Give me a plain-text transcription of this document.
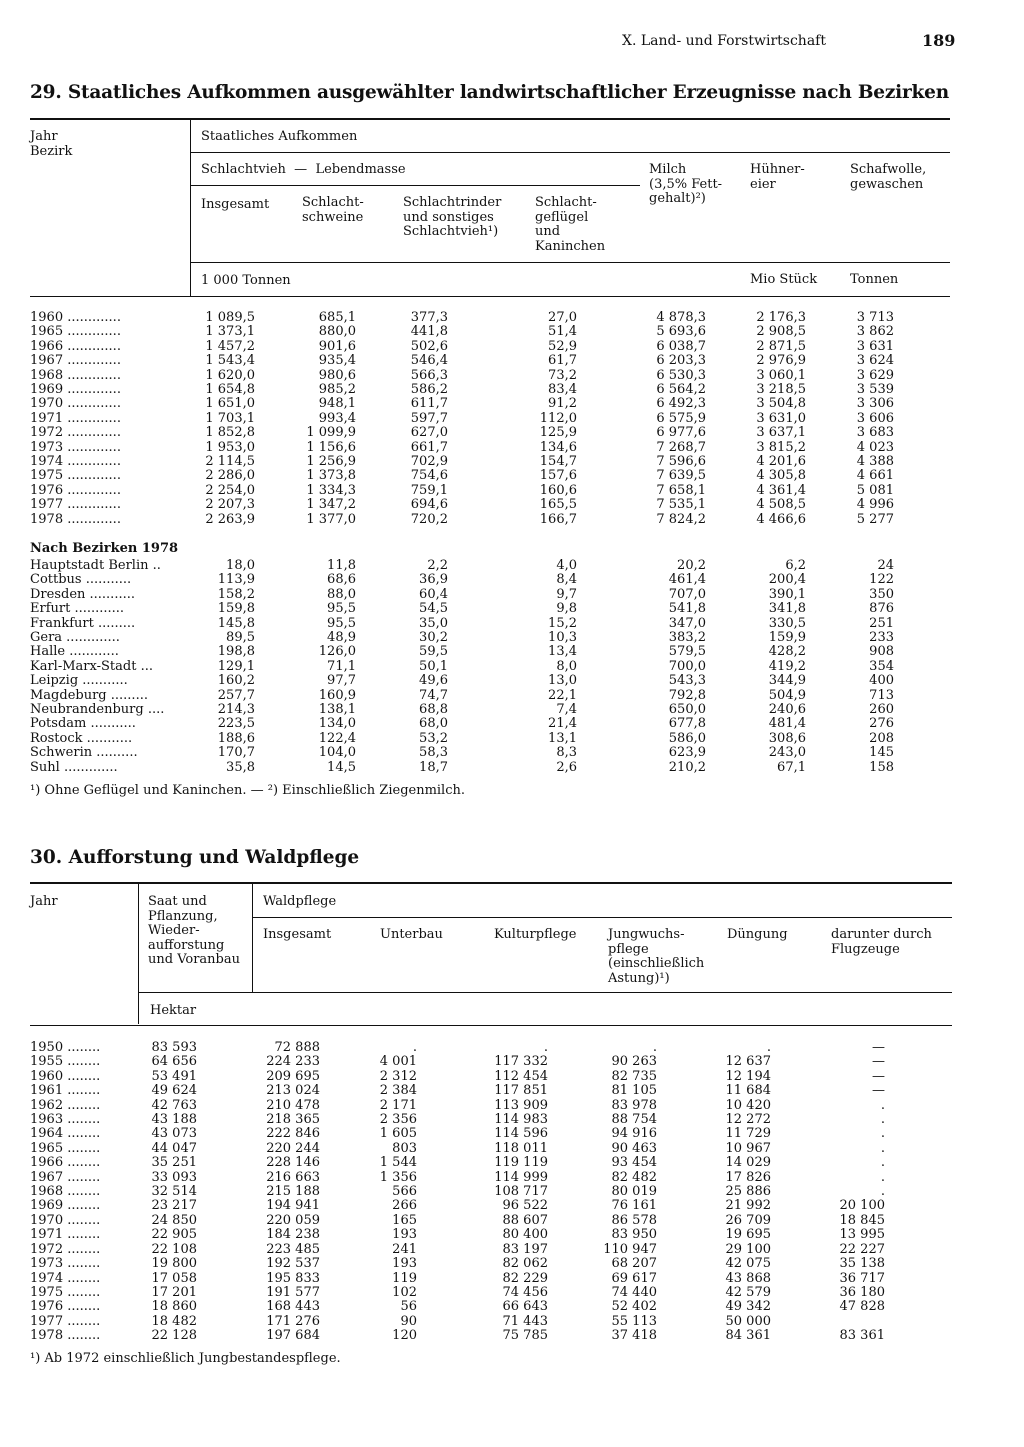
X. Land- und Forstwirtschaft	189
29. Staatliches Aufkommen ausgewählter landwirtschaftlicher Erzeugnisse nach Bezirken
Jahr
Bezirk
Staatliches Aufkommen
Schlachtvieh  —  Lebendmasse
Insgesamt	Schlacht-
schweine
Schlachtrinder
und sonstiges
Schlachtvieh¹)
Schlacht-
geflügel
und
Kaninchen
Milch
(3,5% Fett-
gehalt)²)
Hühner-
eier
Schafwolle,
gewaschen
1 000 Tonnen	Mio Stück	Tonnen
1960 .............	1 089,5	685,1	377,3	27,0	4 878,3	2 176,3	3 713
1965 .............	1 373,1	880,0	441,8	51,4	5 693,6	2 908,5	3 862
1966 .............	1 457,2	901,6	502,6	52,9	6 038,7	2 871,5	3 631
1967 .............	1 543,4	935,4	546,4	61,7	6 203,3	2 976,9	3 624
1968 .............	1 620,0	980,6	566,3	73,2	6 530,3	3 060,1	3 629
1969 .............	1 654,8	985,2	586,2	83,4	6 564,2	3 218,5	3 539
1970 .............	1 651,0	948,1	611,7	91,2	6 492,3	3 504,8	3 306
1971 .............	1 703,1	993,4	597,7	112,0	6 575,9	3 631,0	3 606
1972 .............	1 852,8	1 099,9	627,0	125,9	6 977,6	3 637,1	3 683
1973 .............	1 953,0	1 156,6	661,7	134,6	7 268,7	3 815,2	4 023
1974 .............	2 114,5	1 256,9	702,9	154,7	7 596,6	4 201,6	4 388
1975 .............	2 286,0	1 373,8	754,6	157,6	7 639,5	4 305,8	4 661
1976 .............	2 254,0	1 334,3	759,1	160,6	7 658,1	4 361,4	5 081
1977 .............	2 207,3	1 347,2	694,6	165,5	7 535,1	4 508,5	4 996
1978 .............	2 263,9	1 377,0	720,2	166,7	7 824,2	4 466,6	5 277
Nach Bezirken 1978
Hauptstadt Berlin ..	18,0	11,8	2,2	4,0	20,2	6,2	24
Cottbus ...........	113,9	68,6	36,9	8,4	461,4	200,4	122
Dresden ...........	158,2	88,0	60,4	9,7	707,0	390,1	350
Erfurt ............	159,8	95,5	54,5	9,8	541,8	341,8	876
Frankfurt .........	145,8	95,5	35,0	15,2	347,0	330,5	251
Gera .............	89,5	48,9	30,2	10,3	383,2	159,9	233
Halle ............	198,8	126,0	59,5	13,4	579,5	428,2	908
Karl-Marx-Stadt ...	129,1	71,1	50,1	8,0	700,0	419,2	354
Leipzig ...........	160,2	97,7	49,6	13,0	543,3	344,9	400
Magdeburg .........	257,7	160,9	74,7	22,1	792,8	504,9	713
Neubrandenburg ....	214,3	138,1	68,8	7,4	650,0	240,6	260
Potsdam ...........	223,5	134,0	68,0	21,4	677,8	481,4	276
Rostock ...........	188,6	122,4	53,2	13,1	586,0	308,6	208
Schwerin ..........	170,7	104,0	58,3	8,3	623,9	243,0	145
Suhl .............	35,8	14,5	18,7	2,6	210,2	67,1	158
¹) Ohne Geflügel und Kaninchen. — ²) Einschließlich Ziegenmilch.
30. Aufforstung und Waldpflege
Jahr	Saat und
Pflanzung,
Wieder-
aufforstung
und Voranbau
Waldpflege
Insgesamt	Unterbau	Kulturpflege Jungwuchs-
pflege
(einschließlich
Astung)¹)
Düngung	darunter durch
Flugzeuge
Hektar
1950 ........	83 593	72 888	.	.	.	.	—
1955 ........	64 656	224 233	4 001	117 332	90 263	12 637	—
1960 ........	53 491	209 695	2 312	112 454	82 735	12 194	—
1961 ........	49 624	213 024	2 384	117 851	81 105	11 684	—
1962 ........	42 763	210 478	2 171	113 909	83 978	10 420	.
1963 ........	43 188	218 365	2 356	114 983	88 754	12 272	.
1964 ........	43 073	222 846	1 605	114 596	94 916	11 729	.
1965 ........	44 047	220 244	803	118 011	90 463	10 967	.
1966 ........	35 251	228 146	1 544	119 119	93 454	14 029	.
1967 ........	33 093	216 663	1 356	114 999	82 482	17 826	.
1968 ........	32 514	215 188	566	108 717	80 019	25 886	.
1969 ........	23 217	194 941	266	96 522	76 161	21 992	20 100
1970 ........	24 850	220 059	165	88 607	86 578	26 709	18 845
1971 ........	22 905	184 238	193	80 400	83 950	19 695	13 995
1972 ........	22 108	223 485	241	83 197	110 947	29 100	22 227
1973 ........	19 800	192 537	193	82 062	68 207	42 075	35 138
1974 ........	17 058	195 833	119	82 229	69 617	43 868	36 717
1975 ........	17 201	191 577	102	74 456	74 440	42 579	36 180
1976 ........	18 860	168 443	56	66 643	52 402	49 342	47 828
1977 ........	18 482	171 276	90	71 443	55 113	50 000	
1978 ........	22 128	197 684	120	75 785	37 418	84 361	83 361
¹) Ab 1972 einschließlich Jungbestandespflege.
